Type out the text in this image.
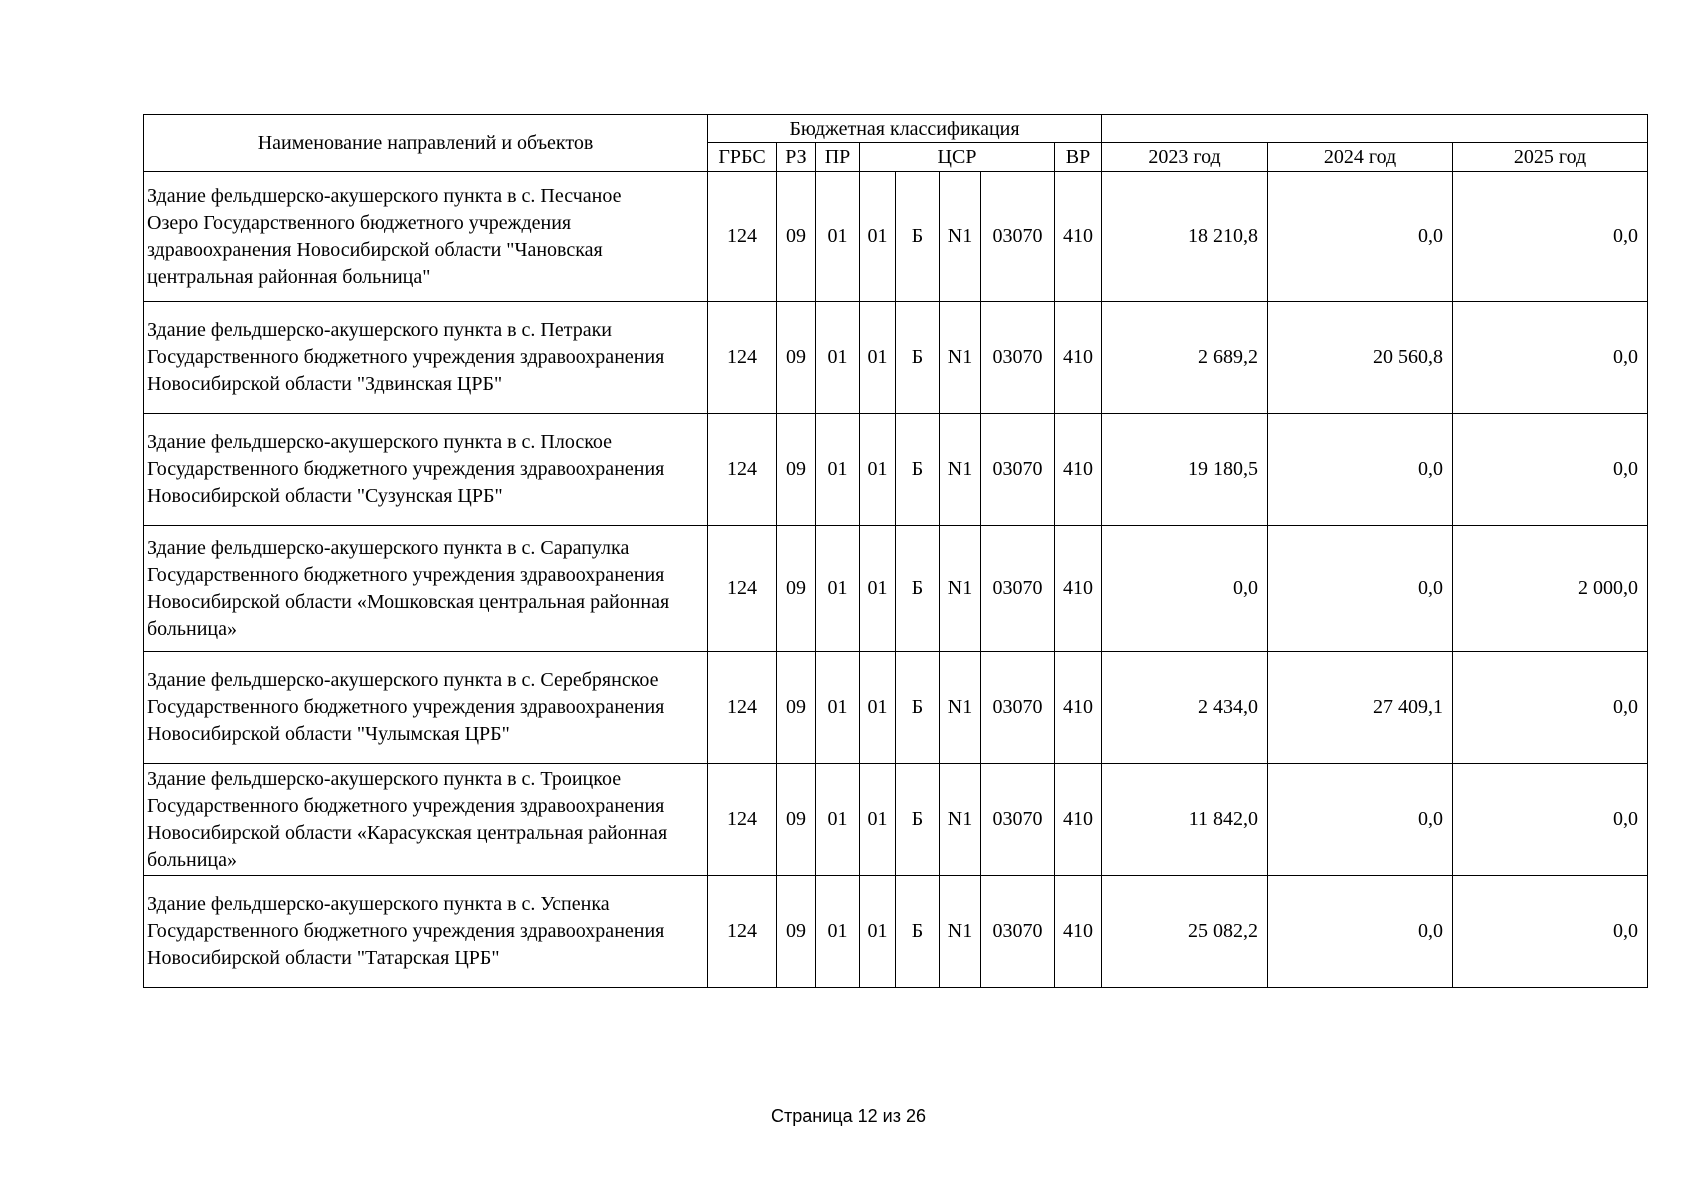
Наименование направлений и объектов	Бюджетная классификация										
	ГРБС	РЗ	ПР	ЦСР				ВР	2023 год	2024 год	2025 год
Здание фельдшерско-акушерского пункта в с. Песчаное
Озеро Государственного бюджетного учреждения
здравоохранения Новосибирской области "Чановская
центральная районная больница"	124	09	01	01	Б	N1	03070	410	18 210,8	0,0	0,0
Здание фельдшерско-акушерского пункта в с. Петраки
Государственного бюджетного учреждения здравоохранения
Новосибирской области "Здвинская ЦРБ"	124	09	01	01	Б	N1	03070	410	2 689,2	20 560,8	0,0
Здание фельдшерско-акушерского пункта в с. Плоское
Государственного бюджетного учреждения здравоохранения
Новосибирской области "Сузунская ЦРБ"	124	09	01	01	Б	N1	03070	410	19 180,5	0,0	0,0
Здание фельдшерско-акушерского пункта в с. Сарапулка
Государственного бюджетного учреждения здравоохранения
Новосибирской области «Мошковская центральная районная
больница»	124	09	01	01	Б	N1	03070	410	0,0	0,0	2 000,0
Здание фельдшерско-акушерского пункта в с. Серебрянское
Государственного бюджетного учреждения здравоохранения
Новосибирской области "Чулымская ЦРБ"	124	09	01	01	Б	N1	03070	410	2 434,0	27 409,1	0,0
Здание фельдшерско-акушерского пункта в с. Троицкое
Государственного бюджетного учреждения здравоохранения
Новосибирской области «Карасукская центральная районная
больница»	124	09	01	01	Б	N1	03070	410	11 842,0	0,0	0,0
Здание фельдшерско-акушерского пункта в с. Успенка
Государственного бюджетного учреждения здравоохранения
Новосибирской области "Татарская ЦРБ"	124	09	01	01	Б	N1	03070	410	25 082,2	0,0	0,0
Страница 12 из 26
